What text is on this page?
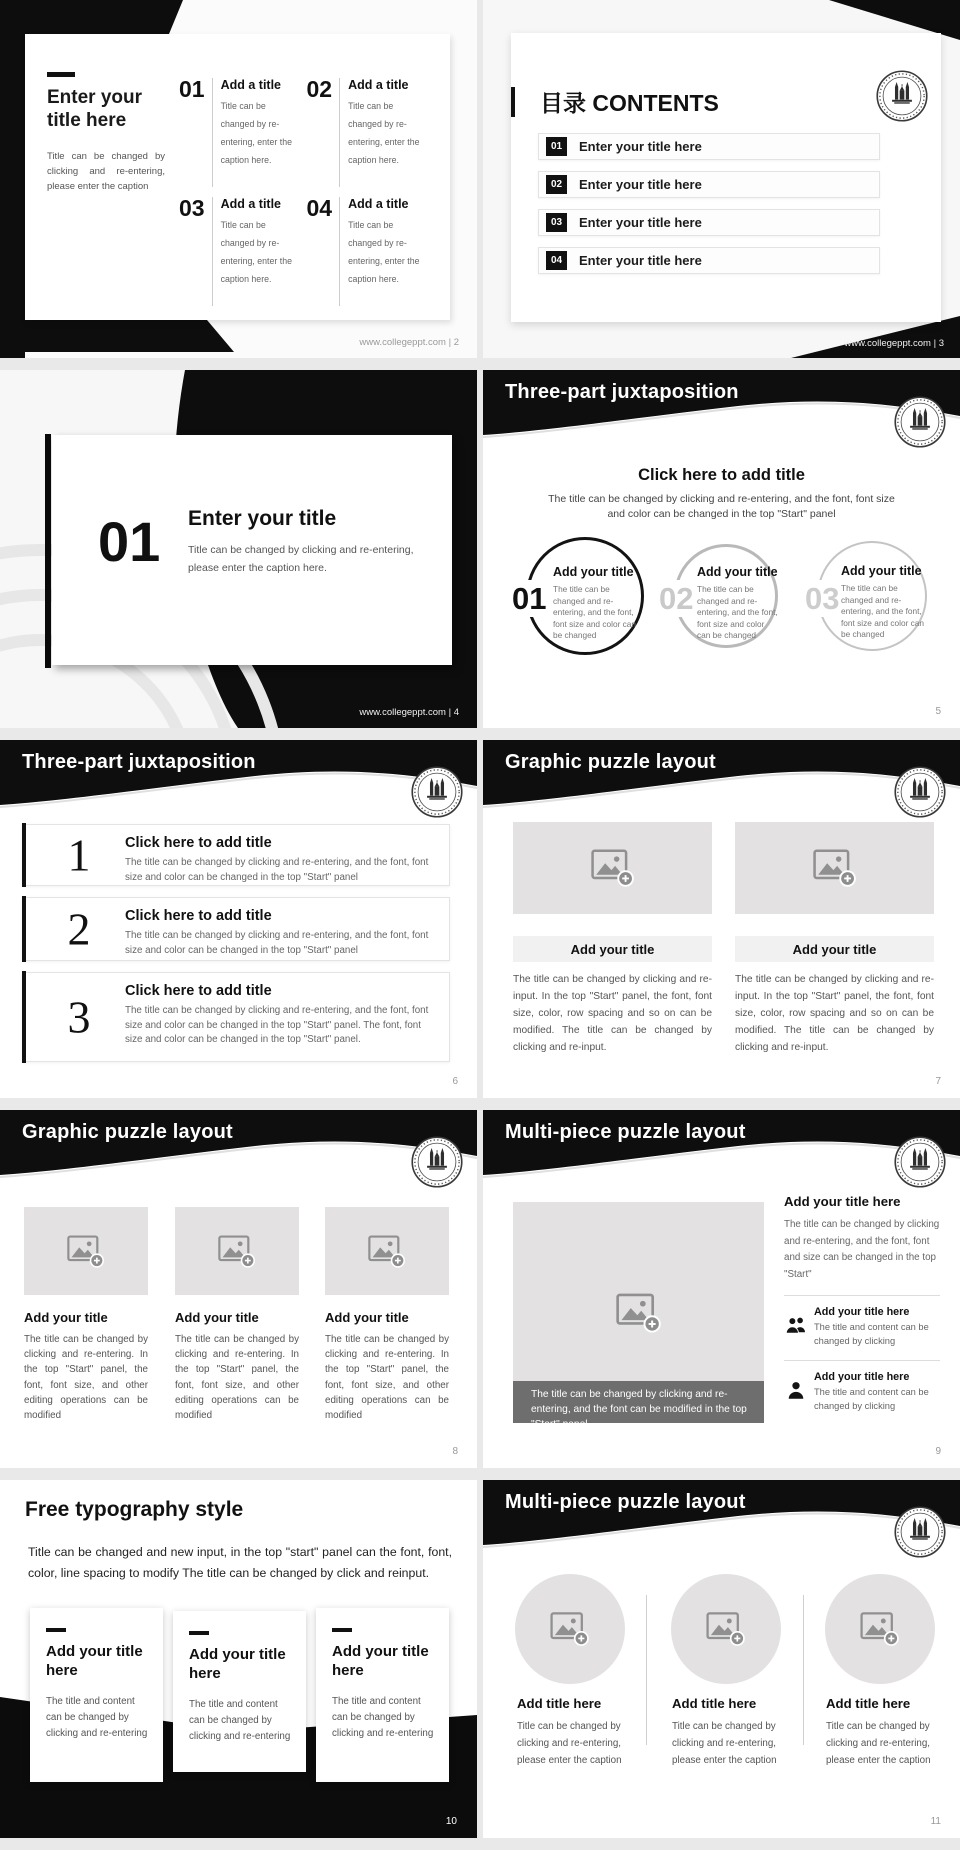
Enter your title here
Title can be changed by clicking and re-entering, please enter the caption
01 Add a title
Title can be changed by re-entering, enter the caption here.
02 Add a title
Title can be changed by re-entering, enter the caption here.
03 Add a title
Title can be changed by re-entering, enter the caption here.
04 Add a title
Title can be changed by re-entering, enter the caption here.
www.collegeppt.com | 2
目录 CONTENTS
01	Enter your title here
02	Enter your title here
03	Enter your title here
04	Enter your title here
www.collegeppt.com | 3
01 Enter your title
Title can be changed by clicking and re-entering, please enter the caption here.
www.collegeppt.com | 4
Three-part juxtaposition
Click here to add title
The title can be changed by clicking and re-entering, and the font, font size and color can be changed in the top "Start" panel
Add your title
The title can be changed and re-entering, and the font, font size and color can be changed
Add your title
The title can be changed and re-entering, and the font, font size and color can be changed
Add your title
The title can be changed and re-entering, and the font, font size and color can be changed
01	02	03
5
Three-part juxtaposition
1	Click here to add title
The title can be changed by clicking and re-entering, and the font, font size and color can be changed in the top "Start" panel
2	Click here to add title
The title can be changed by clicking and re-entering, and the font, font size and color can be changed in the top "Start" panel
3
Click here to add title
The title can be changed by clicking and re-entering, and the font, font size and color can be changed in the top "Start" panel. The font, font size and color can be changed in the top "Start" panel.
6
Graphic puzzle layout
Add your title
The title can be changed by clicking and re-input. In the top "Start" panel, the font, font size, color, row spacing and so on can be modified. The title can be changed by clicking and re-input.
Add your title
The title can be changed by clicking and re-input. In the top "Start" panel, the font, font size, color, row spacing and so on can be modified. The title can be changed by clicking and re-input.
7
Graphic puzzle layout
Add your title
The title can be changed by clicking and re-entering. In the top "Start" panel, the font, font size, and other editing operations can be modified
Add your title
The title can be changed by clicking and re-entering. In the top "Start" panel, the font, font size, and other editing operations can be modified
Add your title
The title can be changed by clicking and re-entering. In the top "Start" panel, the font, font size, and other editing operations can be modified
8
Multi-piece puzzle layout
The title can be changed by clicking and re-entering, and the font can be modified in the top "Start" panel.
Add your title here
The title can be changed by clicking and re-entering, and the font, font and size can be changed in the top "Start"
Add your title here
The title and content can be changed by clicking
Add your title here
The title and content can be changed by clicking
9
Free typography style
Title can be changed and new input, in the top "start" panel can the font, font, color, line spacing to modify The title can be changed by click and reinput.
Add your title here
The title and content can be changed by clicking and re-entering
Add your title here
The title and content can be changed by clicking and re-entering
Add your title here
The title and content can be changed by clicking and re-entering
10
Multi-piece puzzle layout
Add title here	Add title here	Add title here
Title can be changed by clicking and re-entering, please enter the caption
Title can be changed by clicking and re-entering, please enter the caption
Title can be changed by clicking and re-entering, please enter the caption
11
